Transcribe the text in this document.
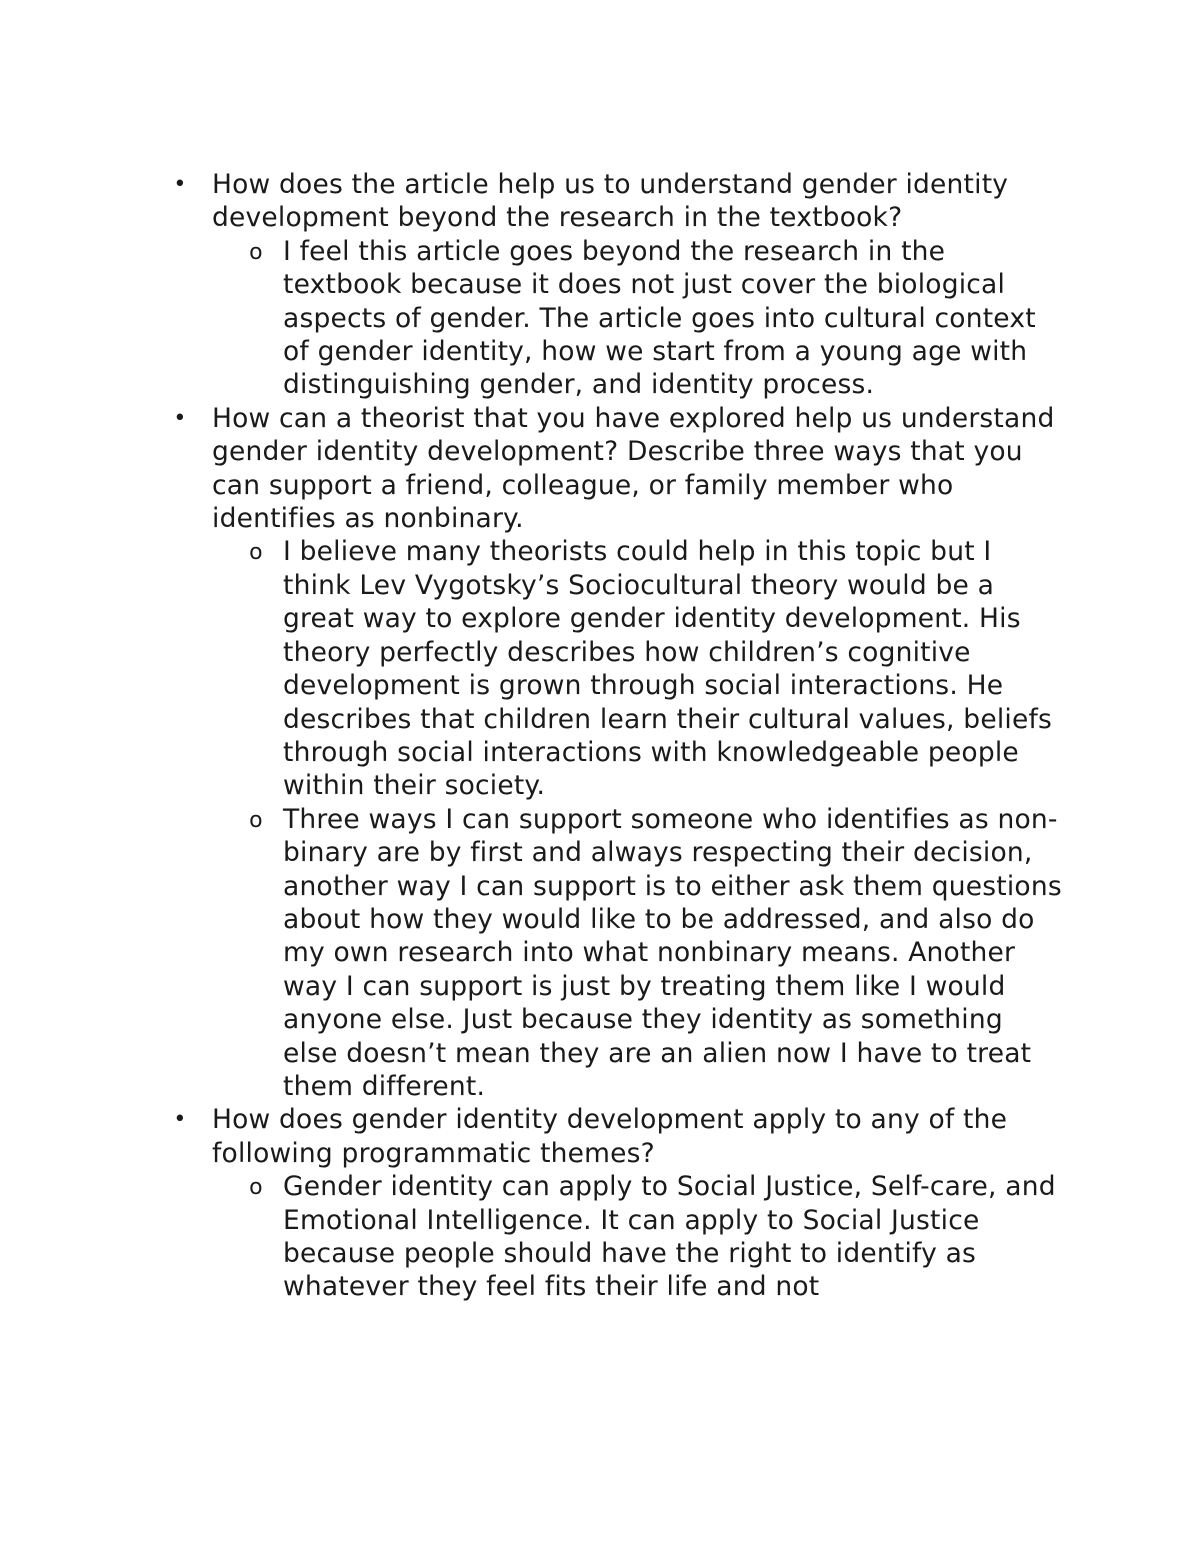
• How does the article help us to understand gender identity development beyond the research in the textbook?
o I feel this article goes beyond the research in the textbook because it does not just cover the biological aspects of gender. The article goes into cultural context of gender identity, how we start from a young age with distinguishing gender, and identity process.
• How can a theorist that you have explored help us understand gender identity development? Describe three ways that you can support a friend, colleague, or family member who identifies as nonbinary.
o I believe many theorists could help in this topic but I think Lev Vygotsky’s Sociocultural theory would be a great way to explore gender identity development. His theory perfectly describes how children’s cognitive development is grown through social interactions. He describes that children learn their cultural values, beliefs through social interactions with knowledgeable people within their society.
o Three ways I can support someone who identifies as non-binary are by first and always respecting their decision, another way I can support is to either ask them questions about how they would like to be addressed, and also do my own research into what nonbinary means. Another way I can support is just by treating them like I would anyone else. Just because they identity as something else doesn’t mean they are an alien now I have to treat them different.
• How does gender identity development apply to any of the following programmatic themes?
o Gender identity can apply to Social Justice, Self-care, and Emotional Intelligence. It can apply to Social Justice because people should have the right to identify as whatever they feel fits their life and not
